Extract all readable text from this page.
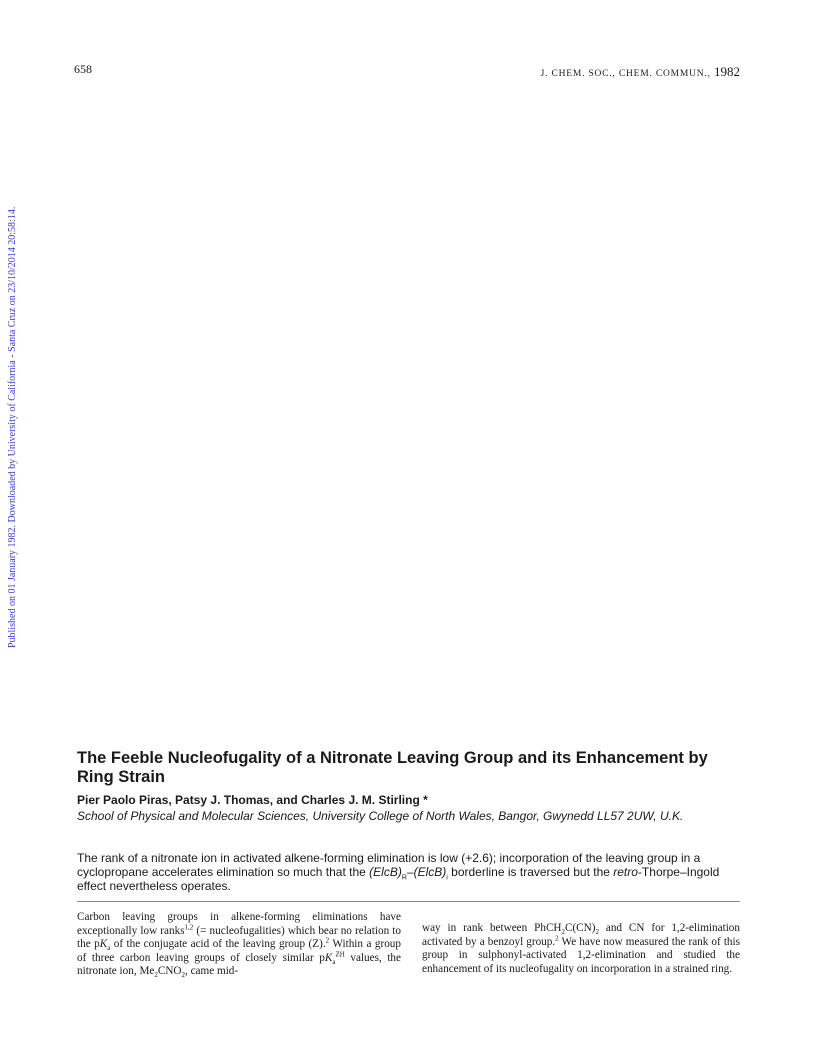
658	J. CHEM. SOC., CHEM. COMMUN., 1982
Published on 01 January 1982. Downloaded by University of California - Santa Cruz on 23/10/2014 20:58:14.
The Feeble Nucleofugality of a Nitronate Leaving Group and its Enhancement by Ring Strain

Pier Paolo Piras, Patsy J. Thomas, and Charles J. M. Stirling *

School of Physical and Molecular Sciences, University College of North Wales, Bangor, Gwynedd LL57 2UW, U.K.

The rank of a nitronate ion in activated alkene-forming elimination is low (+2.6); incorporation of the leaving group in a cyclopropane accelerates elimination so much that the $(ElcB)_R-(ElcB)_i$ borderline is traversed but the retro-Thorpe–Ingold effect nevertheless operates.

Carbon leaving groups in alkene-forming eliminations have exceptionally low ranks$^{1,2}$ (= nucleofugalities) which bear no relation to the $pK_a$ of the conjugate acid of the leaving group (Z).$^2$ Within a group of three carbon leaving groups of closely similar $pK_a^{ZH}$ values, the nitronate ion, $Me_2CNO_2$, came mid-

way in rank between $PhCH_2C(CN)_2$ and CN for 1,2-elimination activated by a benzoyl group.$^2$ We have now measured the rank of this group in sulphonyl-activated 1,2-elimination and studied the enhancement of its nucleofugality on incorporation in a strained ring.
